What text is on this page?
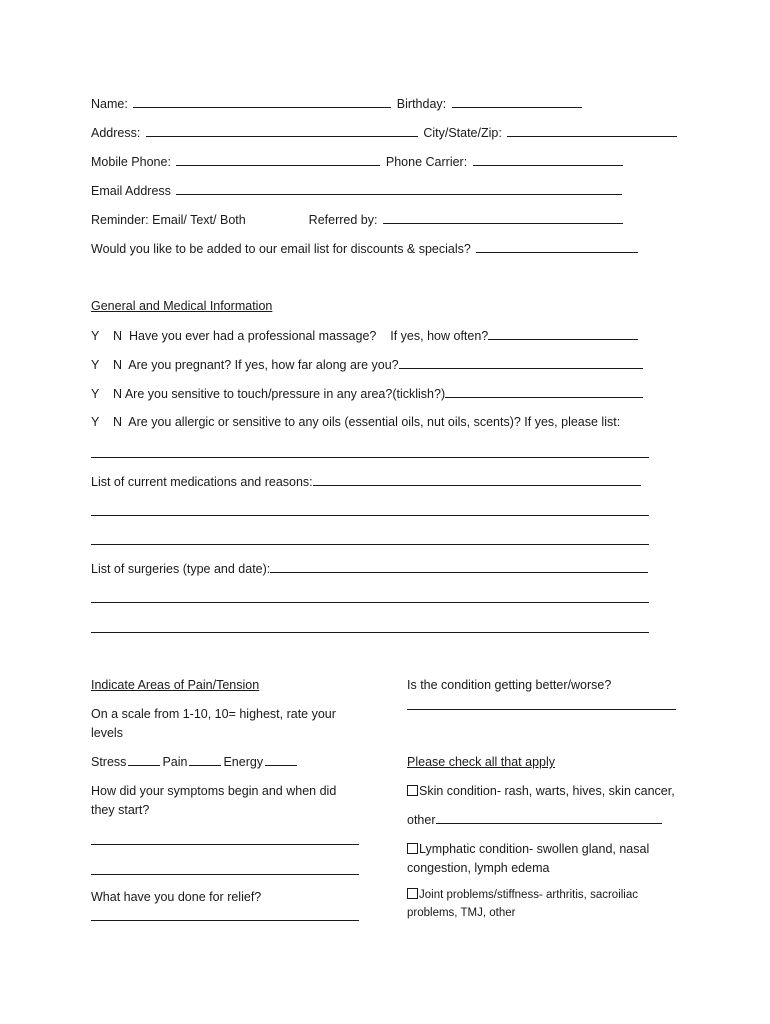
Name:	Birthday:
Address:	City/State/Zip:
Mobile Phone:	Phone Carrier:
Email Address
Reminder: Email/ Text/ Both	Referred by:
Would you like to be added to our email list for discounts & specials?
General and Medical Information
Y N Have you ever had a professional massage? If yes, how often?
Y N Are you pregnant? If yes, how far along are you?
Y N Are you sensitive to touch/pressure in any area?(ticklish?)
Y N Are you allergic or sensitive to any oils (essential oils, nut oils, scents)? If yes, please list:
List of current medications and reasons:
List of surgeries (type and date):
Indicate Areas of Pain/Tension
On a scale from 1-10, 10= highest, rate your levels
Stress	Pain	Energy
How did your symptoms begin and when did they start?
What have you done for relief?
Is the condition getting better/worse?
Please check all that apply
Skin condition- rash, warts, hives, skin cancer,
other
Lymphatic condition- swollen gland, nasal congestion, lymph edema
Joint problems/stiffness- arthritis, sacroiliac problems, TMJ, other
